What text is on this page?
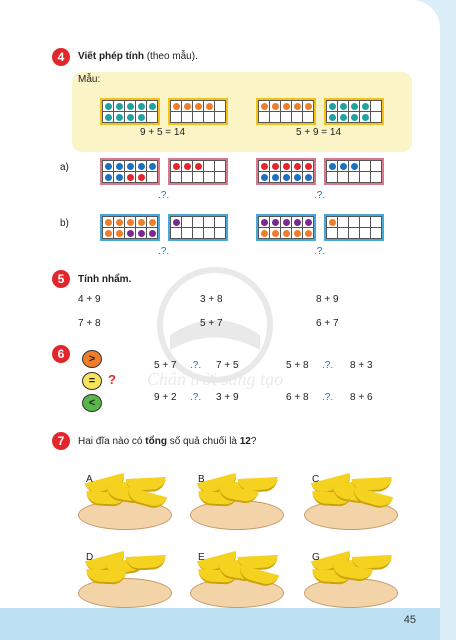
Chân trời sáng tạo
4	Viết phép tính (theo mẫu).
Mẫu:
9 + 5 = 14	5 + 9 = 14
a)
.?.	.?.
b)
.?.	.?.
5	Tính nhẩm.
4 + 9	3 + 8	8 + 9
7 + 8	5 + 7	6 + 7
6	>
=
<
?
5 + 7 .?. 7 + 5	5 + 8 .?. 8 + 3
9 + 2 .?. 3 + 9	6 + 8 .?. 8 + 6
7	Hai đĩa nào có tổng số quả chuối là 12?
A	B	C
D	E	G
45
